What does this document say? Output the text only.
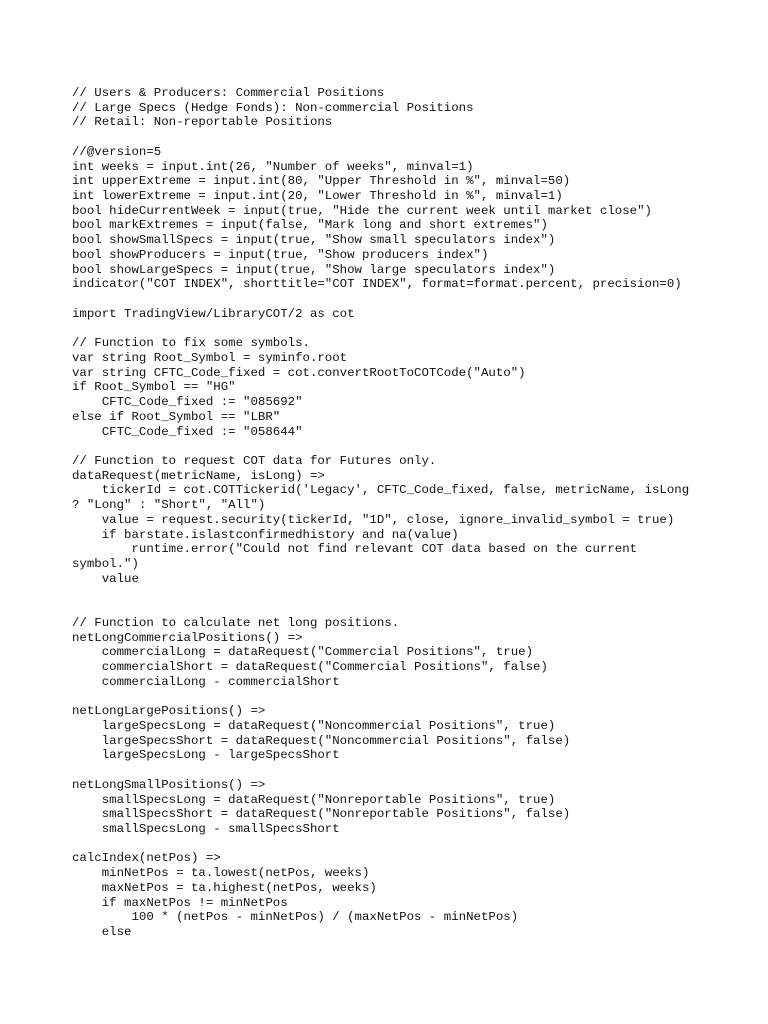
// Users & Producers: Commercial Positions
// Large Specs (Hedge Fonds): Non-commercial Positions
// Retail: Non-reportable Positions
//@version=5
int weeks = input.int(26, "Number of weeks", minval=1)
int upperExtreme = input.int(80, "Upper Threshold in %", minval=50)
int lowerExtreme = input.int(20, "Lower Threshold in %", minval=1)
bool hideCurrentWeek = input(true, "Hide the current week until market close")
bool markExtremes = input(false, "Mark long and short extremes")
bool showSmallSpecs = input(true, "Show small speculators index")
bool showProducers = input(true, "Show producers index")
bool showLargeSpecs = input(true, "Show large speculators index")
indicator("COT INDEX", shorttitle="COT INDEX", format=format.percent, precision=0)
import TradingView/LibraryCOT/2 as cot
// Function to fix some symbols.
var string Root_Symbol = syminfo.root
var string CFTC_Code_fixed = cot.convertRootToCOTCode("Auto")
if Root_Symbol == "HG"
CFTC_Code_fixed := "085692"
else if Root_Symbol == "LBR"
CFTC_Code_fixed := "058644"
// Function to request COT data for Futures only.
dataRequest(metricName, isLong) =>
tickerId = cot.COTTickerid('Legacy', CFTC_Code_fixed, false, metricName, isLong
? "Long" : "Short", "All")
value = request.security(tickerId, "1D", close, ignore_invalid_symbol = true)
if barstate.islastconfirmedhistory and na(value)
runtime.error("Could not find relevant COT data based on the current
symbol.")
value
// Function to calculate net long positions.
netLongCommercialPositions() =>
commercialLong = dataRequest("Commercial Positions", true)
commercialShort = dataRequest("Commercial Positions", false)
commercialLong - commercialShort
netLongLargePositions() =>
largeSpecsLong = dataRequest("Noncommercial Positions", true)
largeSpecsShort = dataRequest("Noncommercial Positions", false)
largeSpecsLong - largeSpecsShort
netLongSmallPositions() =>
smallSpecsLong = dataRequest("Nonreportable Positions", true)
smallSpecsShort = dataRequest("Nonreportable Positions", false)
smallSpecsLong - smallSpecsShort
calcIndex(netPos) =>
minNetPos = ta.lowest(netPos, weeks)
maxNetPos = ta.highest(netPos, weeks)
if maxNetPos != minNetPos
100 * (netPos - minNetPos) / (maxNetPos - minNetPos)
else
